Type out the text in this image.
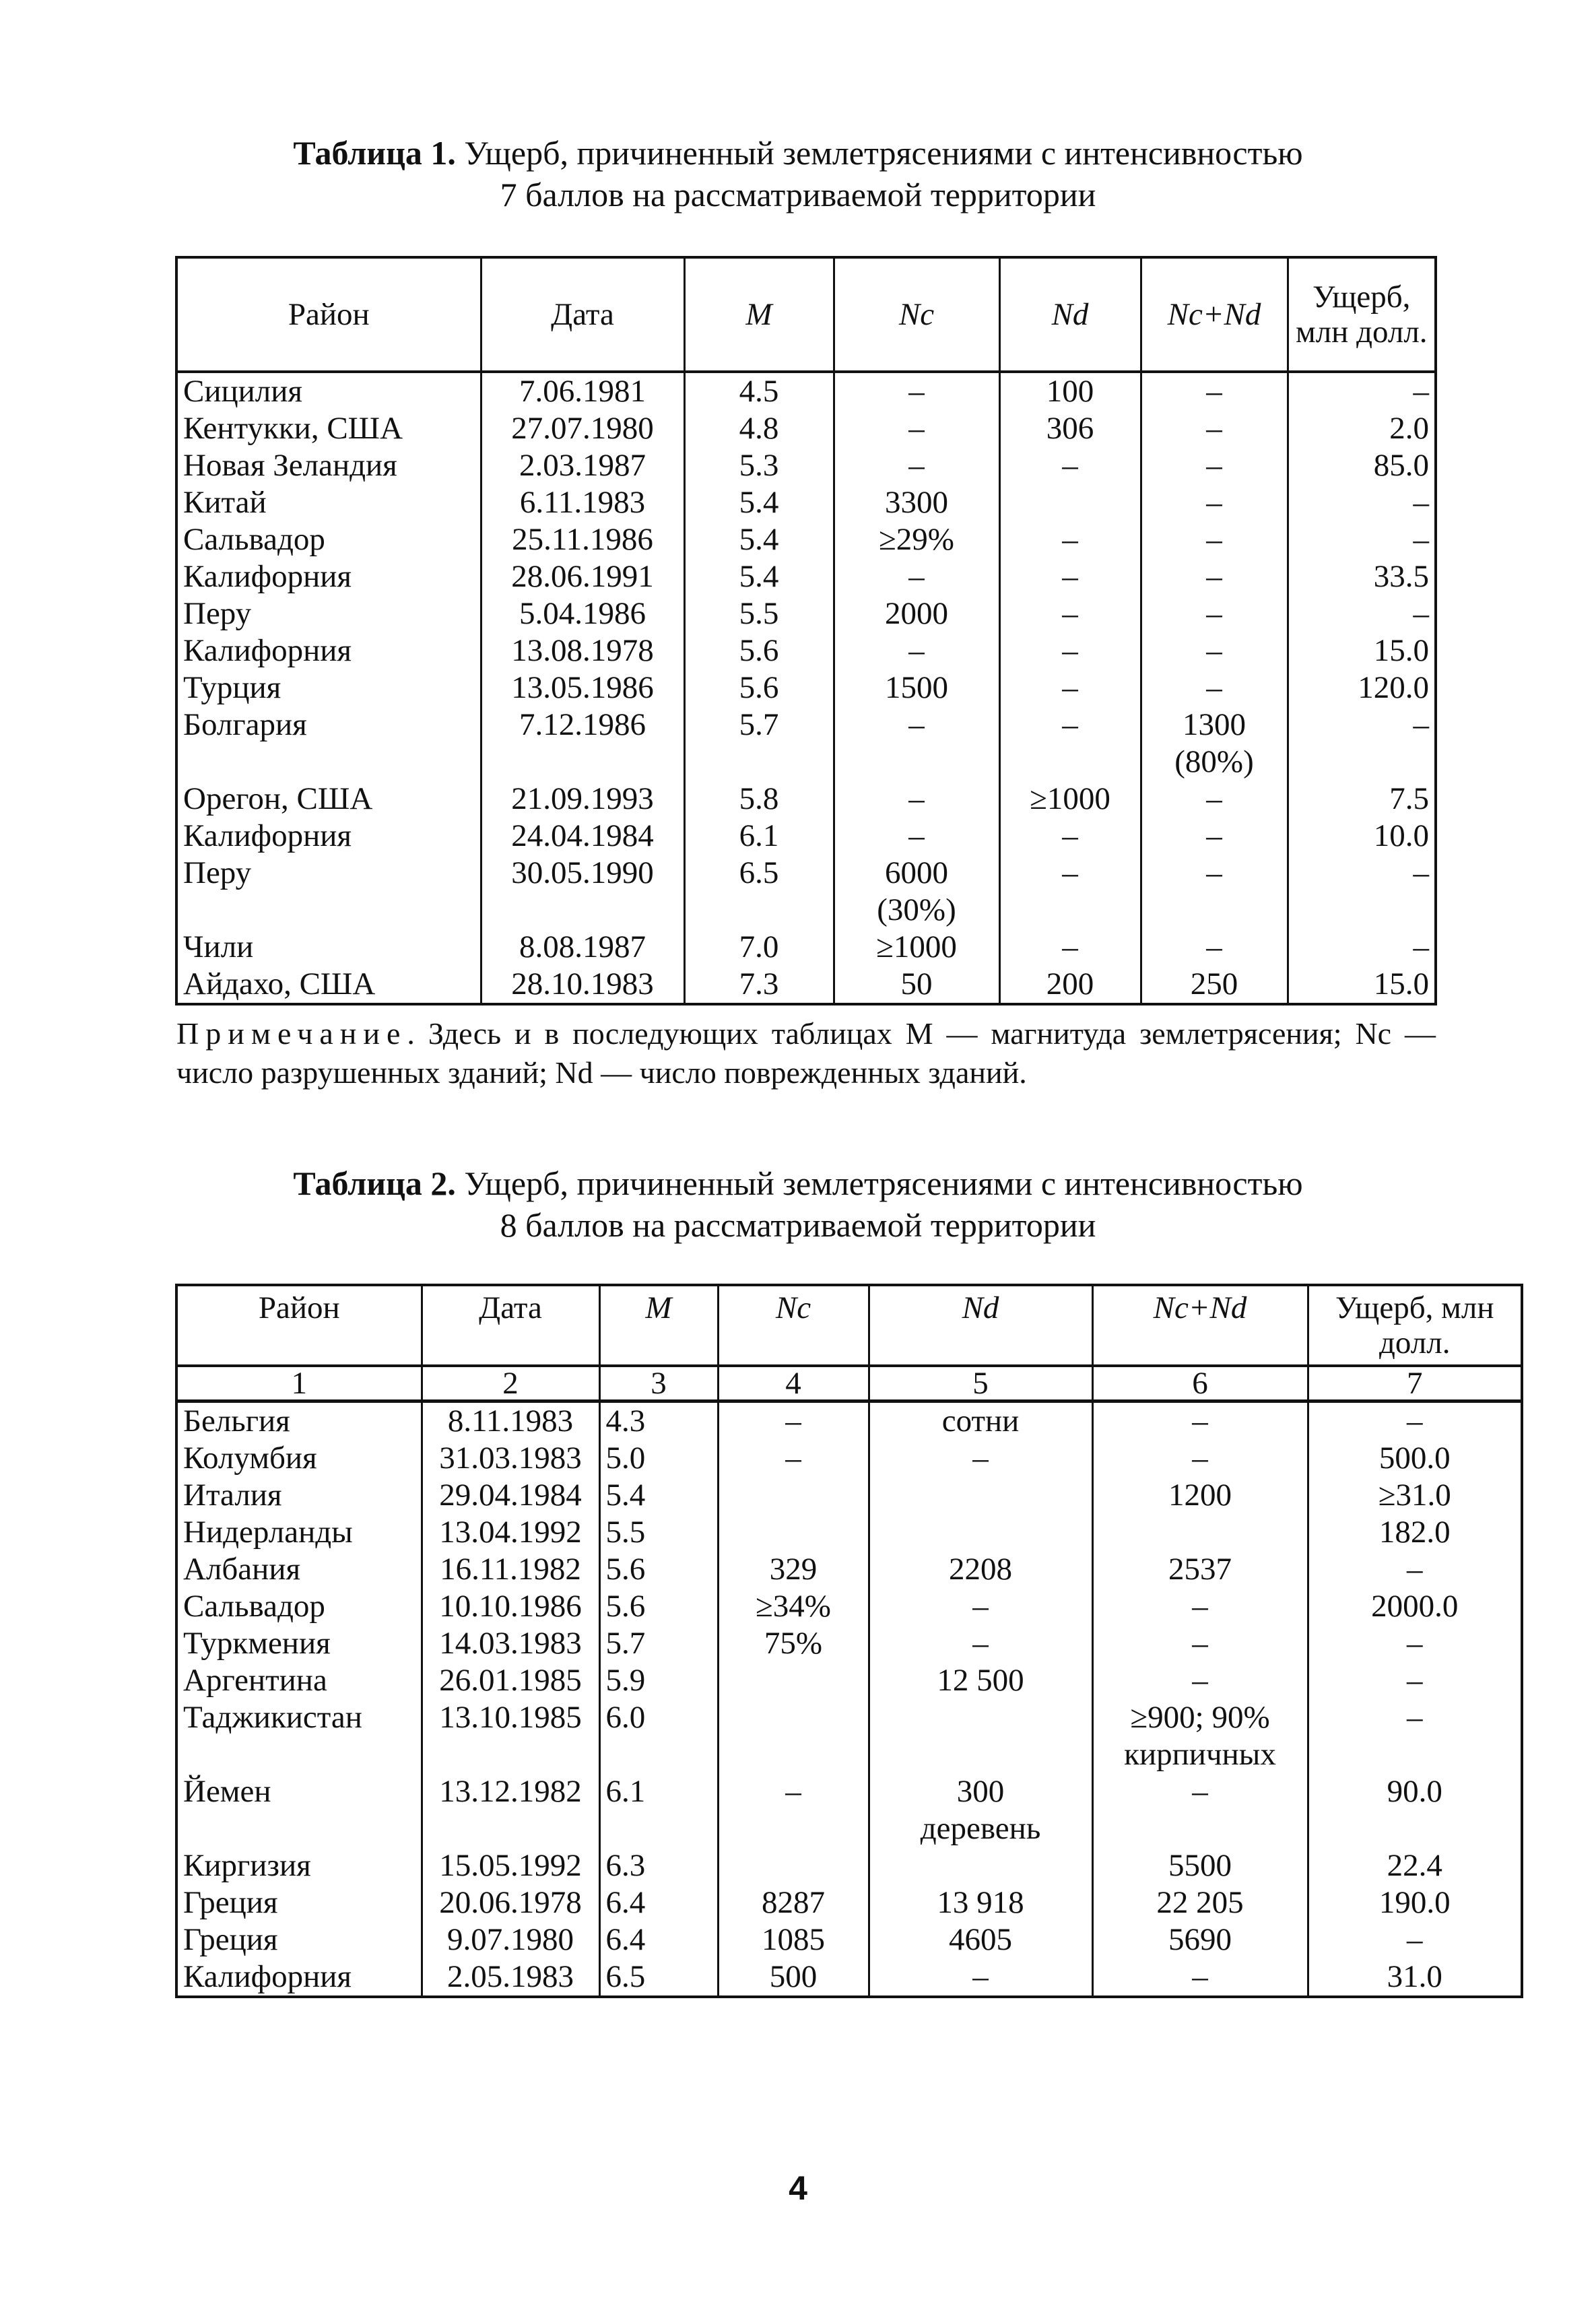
Таблица 1. Ущерб, причиненный землетрясениями с интенсивностью
7 баллов на рассматриваемой территории
Район	Дата	M	Nc	Nd	Nc+Nd	Ущерб, млн долл.
Сицилия	7.06.1981	4.5	–	100	–	–
Кентукки, США	27.07.1980	4.8	–	306	–	2.0
Новая Зеландия	2.03.1987	5.3	–	–	–	85.0
Китай	6.11.1983	5.4	3300		–	–
Сальвадор	25.11.1986	5.4	≥29%	–	–	–
Калифорния	28.06.1991	5.4	–	–	–	33.5
Перу	5.04.1986	5.5	2000	–	–	–
Калифорния	13.08.1978	5.6	–	–	–	15.0
Турция	13.05.1986	5.6	1500	–	–	120.0
Болгария	7.12.1986	5.7	–	–	1300	–
					(80%)	
Орегон, США	21.09.1993	5.8	–	≥1000	–	7.5
Калифорния	24.04.1984	6.1	–	–	–	10.0
Перу	30.05.1990	6.5	6000	–	–	–
			(30%)			
Чили	8.08.1987	7.0	≥1000	–	–	–
Айдахо, США	28.10.1983	7.3	50	200	250	15.0
Примечание. Здесь и в последующих таблицах M — магнитуда землетрясения; Nc — число разрушенных зданий; Nd — число поврежденных зданий.
Таблица 2. Ущерб, причиненный землетрясениями с интенсивностью
8 баллов на рассматриваемой территории
Район	Дата	M	Nc	Nd	Nc+Nd	Ущерб, млн долл.
1	2	3	4	5	6	7
Бельгия	8.11.1983	4.3	–	сотни	–	–
Колумбия	31.03.1983	5.0	–	–	–	500.0
Италия	29.04.1984	5.4			1200	≥31.0
Нидерланды	13.04.1992	5.5				182.0
Албания	16.11.1982	5.6	329	2208	2537	–
Сальвадор	10.10.1986	5.6	≥34%	–	–	2000.0
Туркмения	14.03.1983	5.7	75%	–	–	–
Аргентина	26.01.1985	5.9		12 500	–	–
Таджикистан	13.10.1985	6.0			≥900; 90%	–
					кирпичных	
Йемен	13.12.1982	6.1	–	300	–	90.0
				деревень		
Киргизия	15.05.1992	6.3			5500	22.4
Греция	20.06.1978	6.4	8287	13 918	22 205	190.0
Греция	9.07.1980	6.4	1085	4605	5690	–
Калифорния	2.05.1983	6.5	500	–	–	31.0
4
